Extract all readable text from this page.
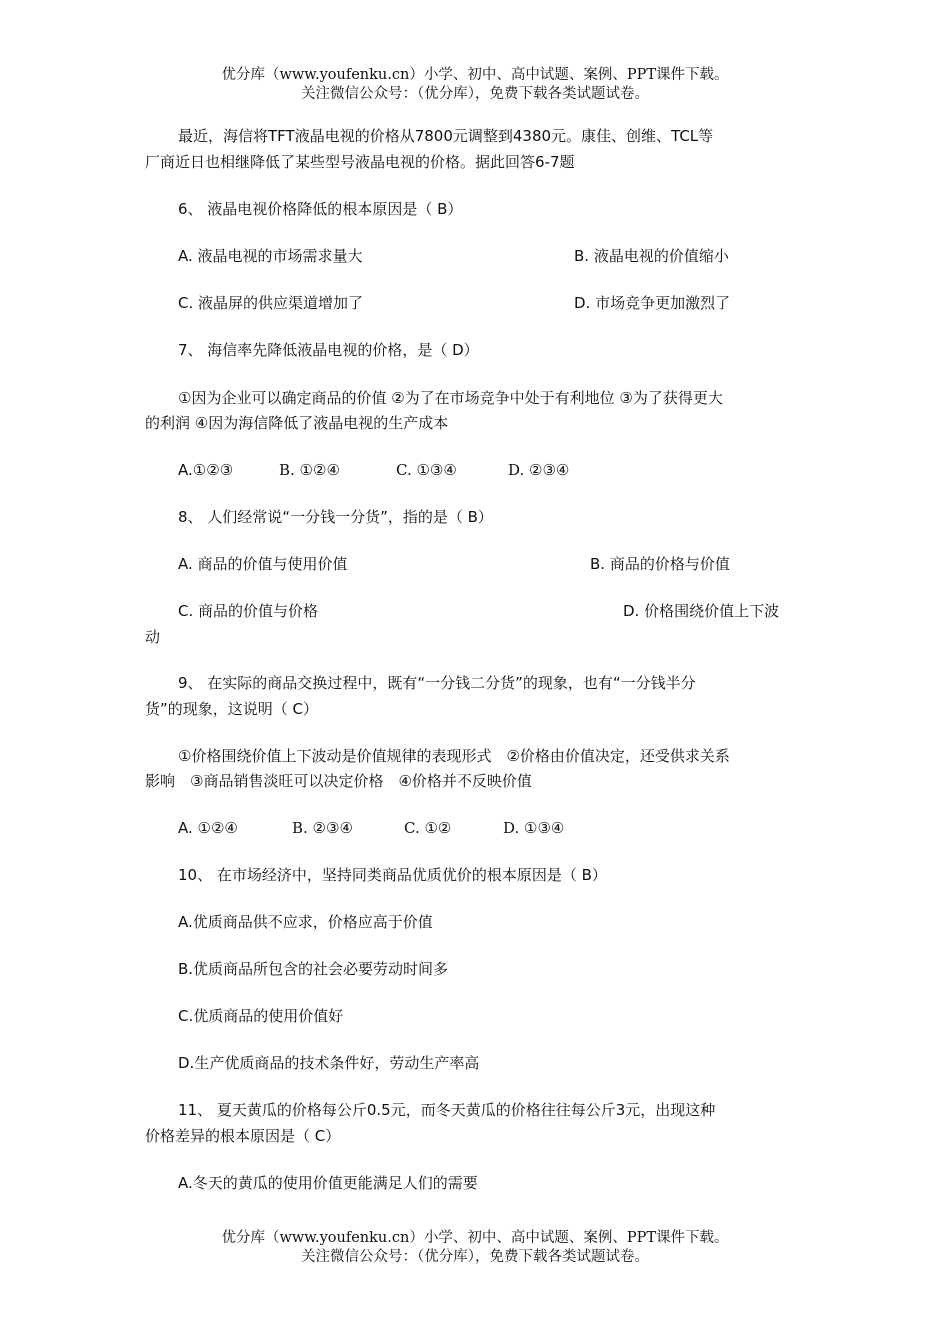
优分库（www.youfenku.cn）小学、初中、高中试题、案例、PPT课件下载。
关注微信公众号：（优分库），免费下载各类试题试卷。
最近，海信将TFT液晶电视的价格从7800元调整到4380元。康佳、创维、TCL等
厂商近日也相继降低了某些型号液晶电视的价格。据此回答6-7题
6、 液晶电视价格降低的根本原因是（ B）
A. 液晶电视的市场需求量大	B. 液晶电视的价值缩小
C. 液晶屏的供应渠道增加了	D. 市场竞争更加激烈了
7、 海信率先降低液晶电视的价格，是（ D）
①因为企业可以确定商品的价值 ②为了在市场竞争中处于有利地位 ③为了获得更大
的利润 ④因为海信降低了液晶电视的生产成本
A.①②③	B. ①②④	C. ①③④	D. ②③④
8、 人们经常说“一分钱一分货”，指的是（ B）
A. 商品的价值与使用价值	B. 商品的价格与价值
C. 商品的价值与价格	D. 价格围绕价值上下波
动
9、 在实际的商品交换过程中，既有“一分钱二分货”的现象，也有“一分钱半分
货”的现象，这说明（ C）
①价格围绕价值上下波动是价值规律的表现形式　②价格由价值决定，还受供求关系
影响　③商品销售淡旺可以决定价格　④价格并不反映价值
A. ①②④	B. ②③④	C. ①②	D. ①③④
10、 在市场经济中，坚持同类商品优质优价的根本原因是（ B）
A.优质商品供不应求，价格应高于价值
B.优质商品所包含的社会必要劳动时间多
C.优质商品的使用价值好
D.生产优质商品的技术条件好，劳动生产率高
11、 夏天黄瓜的价格每公斤0.5元，而冬天黄瓜的价格往往每公斤3元，出现这种
价格差异的根本原因是（ C）
A.冬天的黄瓜的使用价值更能满足人们的需要
优分库（www.youfenku.cn）小学、初中、高中试题、案例、PPT课件下载。
关注微信公众号：（优分库），免费下载各类试题试卷。
